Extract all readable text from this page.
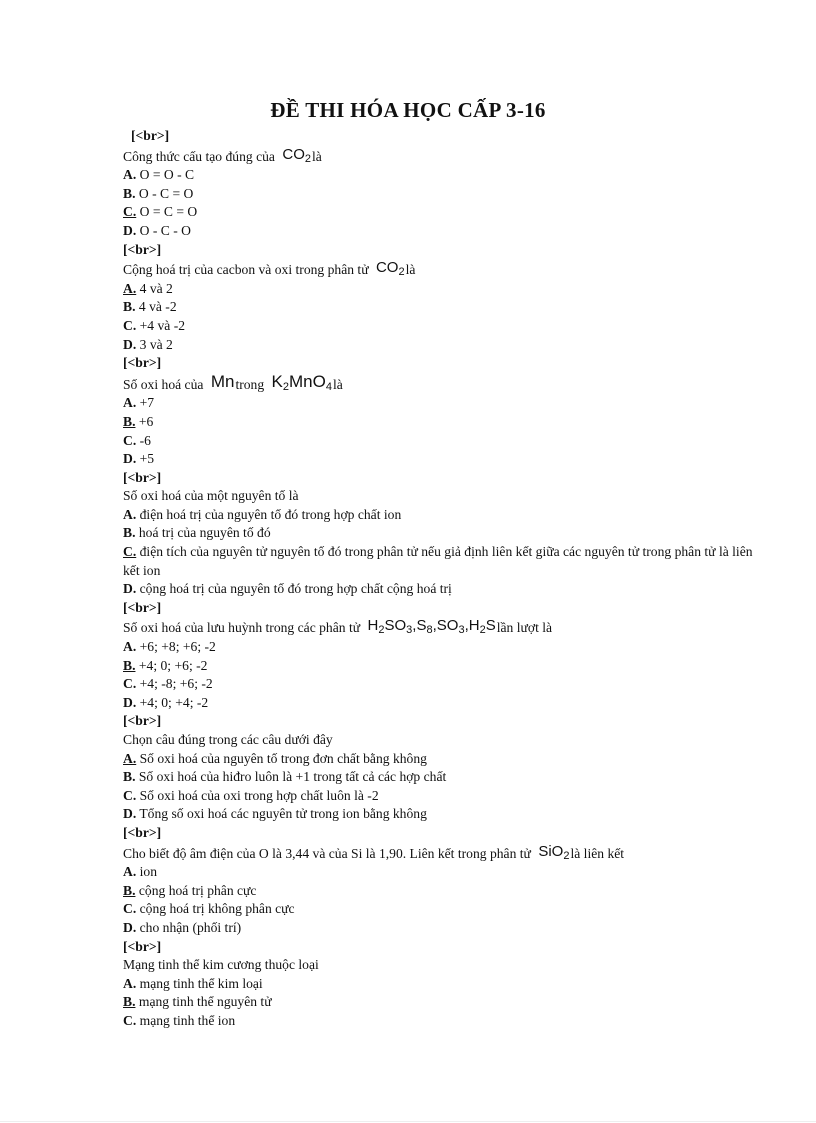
ĐỀ THI HÓA HỌC CẤP 3-16
[<br>]
Công thức cấu tạo đúng của $CO_2là$
A. O = O - C
B. O - C = O
C. O = C = O
D. O - C - O
[<br>]
Cộng hoá trị của cacbon và oxi trong phân tử $CO_2là$
A. 4 và 2
B. 4 và -2
C. +4 và -2
D. 3 và 2
[<br>]
Số oxi hoá của Mntrong $K_2MnO_4là$
A. +7
B. +6
C. -6
D. +5
[<br>]
Số oxi hoá của một nguyên tố là
A. điện hoá trị của nguyên tố đó trong hợp chất ion
B. hoá trị của nguyên tố đó
C. điện tích của nguyên tử nguyên tố đó trong phân tử nếu giả định liên kết giữa các nguyên tử trong phân tử là liên kết ion
D. cộng hoá trị của nguyên tố đó trong hợp chất cộng hoá trị
[<br>]
Số oxi hoá của lưu huỳnh trong các phân tử $H_2SO_3,S_8,SO_3,H_2Slần$ lượt là
A. +6; +8; +6; -2
B. +4; 0; +6; -2
C. +4; -8; +6; -2
D. +4; 0; +4; -2
[<br>]
Chọn câu đúng trong các câu dưới đây
A. Số oxi hoá của nguyên tố trong đơn chất bằng không
B. Số oxi hoá của hiđro luôn là +1 trong tất cả các hợp chất
C. Số oxi hoá của oxi trong hợp chất luôn là -2
D. Tổng số oxi hoá các nguyên tử trong ion bằng không
[<br>]
Cho biết độ âm điện của O là 3,44 và của Si là 1,90. Liên kết trong phân tử SiO$_2$là liên kết
A. ion
B. cộng hoá trị phân cực
C. cộng hoá trị không phân cực
D. cho nhận (phối trí)
[<br>]
Mạng tinh thể kim cương thuộc loại
A. mạng tinh thể kim loại
B. mạng tinh thể nguyên tử
C. mạng tinh thể ion
